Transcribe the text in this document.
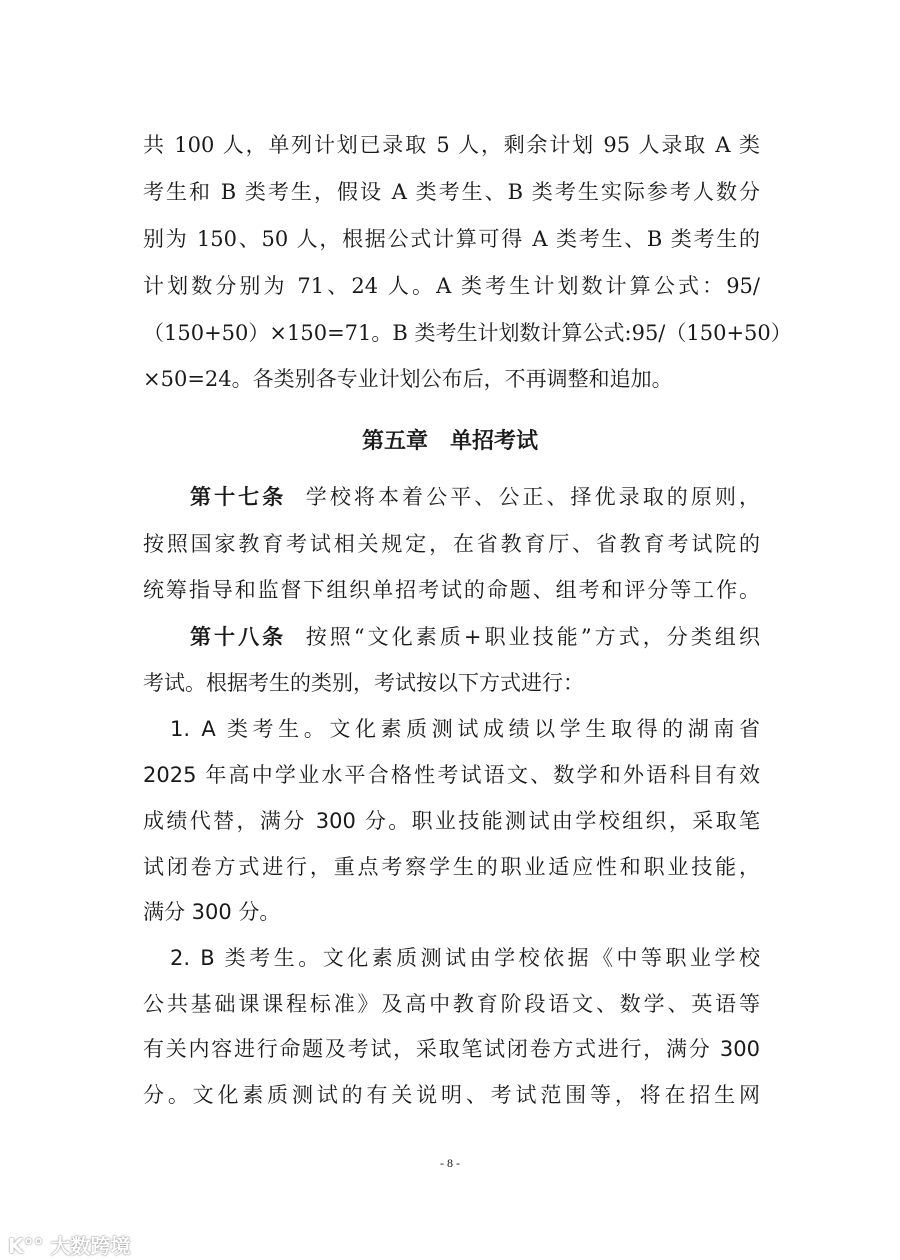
共 100 人，单列计划已录取 5 人，剩余计划 95 人录取 A 类
考生和 B 类考生，假设 A 类考生、B 类考生实际参考人数分
别为 150、50 人，根据公式计算可得 A 类考生、B 类考生的
计划数分别为 71、24 人。A 类考生计划数计算公式：95/
（150+50）×150=71。B 类考生计划数计算公式:95/（150+50）
×50=24。各类别各专业计划公布后，不再调整和追加。
第五章　单招考试
第十七条 学校将本着公平、公正、择优录取的原则，
按照国家教育考试相关规定，在省教育厅、省教育考试院的
统筹指导和监督下组织单招考试的命题、组考和评分等工作。
第十八条 按照“文化素质+职业技能”方式，分类组织
考试。根据考生的类别，考试按以下方式进行：
1. A 类考生。文化素质测试成绩以学生取得的湖南省
2025 年高中学业水平合格性考试语文、数学和外语科目有效
成绩代替，满分 300 分。职业技能测试由学校组织，采取笔
试闭卷方式进行，重点考察学生的职业适应性和职业技能，
满分 300 分。
2. B 类考生。文化素质测试由学校依据《中等职业学校
公共基础课课程标准》及高中教育阶段语文、数学、英语等
有关内容进行命题及考试，采取笔试闭卷方式进行，满分 300
分。文化素质测试的有关说明、考试范围等，将在招生网
- 8 -
K°° 大数跨境
